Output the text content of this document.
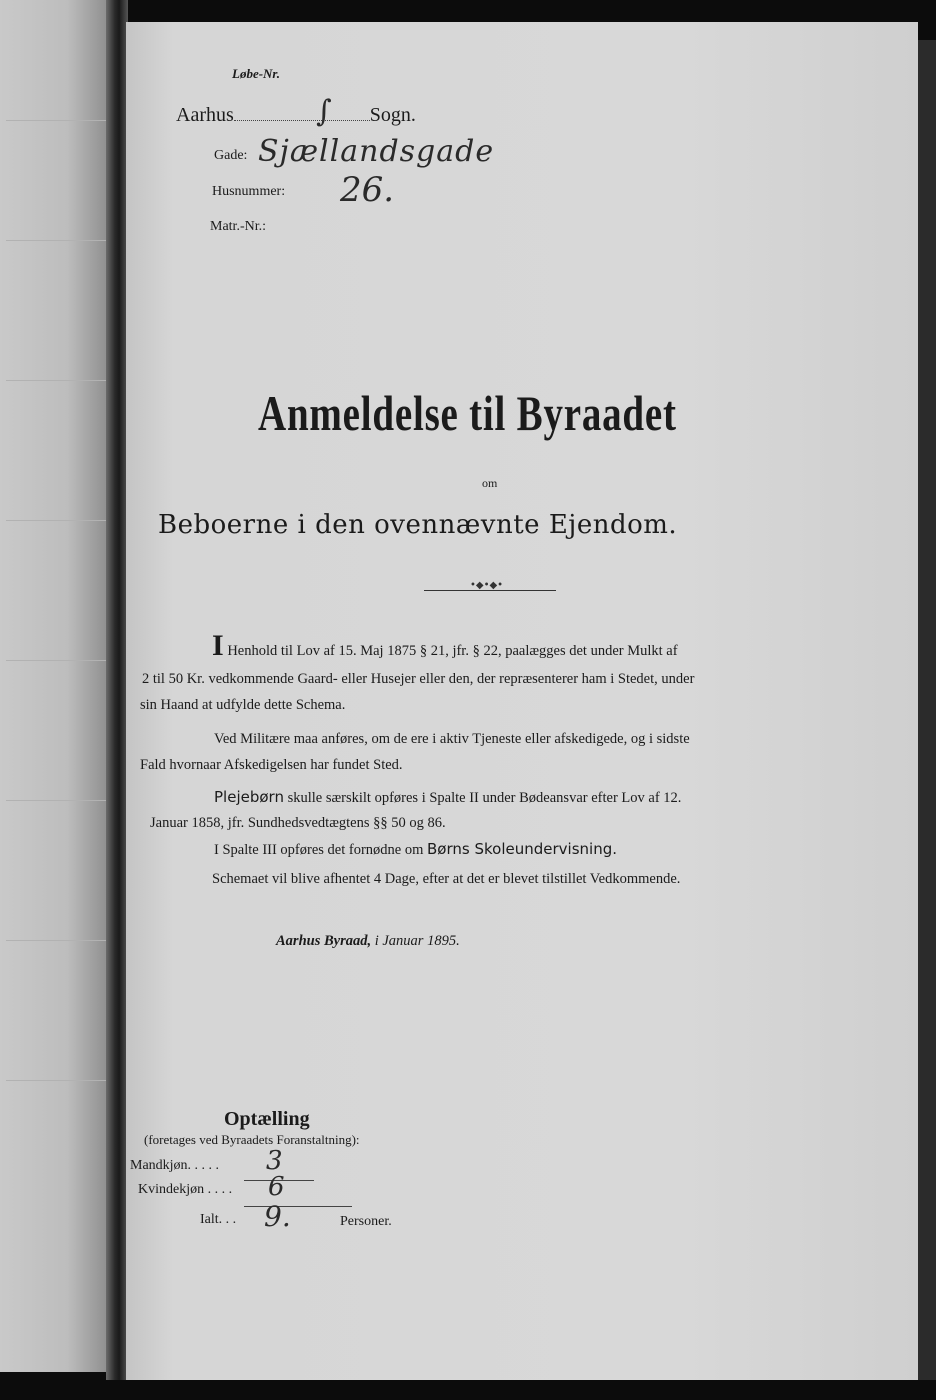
Løbe-Nr.
Aarhus	Sogn.
∫
Gade: Sjællandsgade
Husnummer: 26.
Matr.-Nr.:
Anmeldelse til Byraadet
om
Beboerne i den ovennævnte Ejendom.
•◆•◆•
I Henhold til Lov af 15. Maj 1875 § 21, jfr. § 22, paalægges det under Mulkt af
2 til 50 Kr. vedkommende Gaard- eller Husejer eller den, der repræsenterer ham i Stedet, under
sin Haand at udfylde dette Schema.
Ved Militære maa anføres, om de ere i aktiv Tjeneste eller afskedigede, og i sidste
Fald hvornaar Afskedigelsen har fundet Sted.
Plejebørn skulle særskilt opføres i Spalte II under Bødeansvar efter Lov af 12.
Januar 1858, jfr. Sundhedsvedtægtens §§ 50 og 86.
I Spalte III opføres det fornødne om Børns Skoleundervisning.
Schemaet vil blive afhentet 4 Dage, efter at det er blevet tilstillet Vedkommende.
Aarhus Byraad, i Januar 1895.
Optælling
(foretages ved Byraadets Foranstaltning):
Mandkjøn. . . . . 3
Kvindekjøn . . . . 6
Ialt. . . 9.	Personer.
